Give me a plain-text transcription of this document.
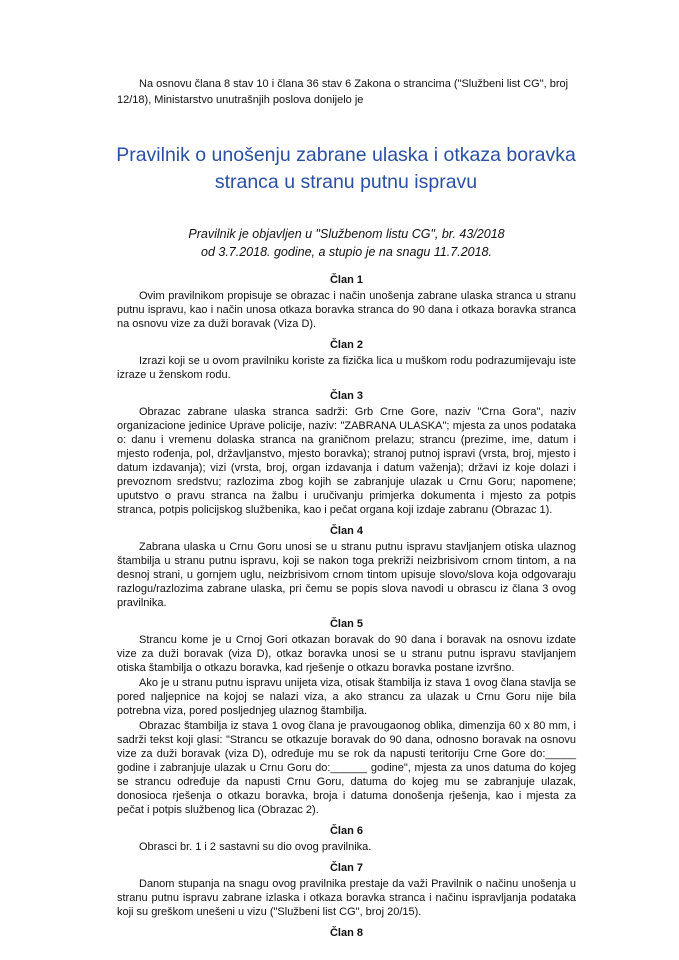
Na osnovu člana 8 stav 10 i člana 36 stav 6 Zakona o strancima ("Službeni list CG", broj 12/18), Ministarstvo unutrašnjih poslova donijelo je

Pravilnik o unošenju zabrane ulaska i otkaza boravka stranca u stranu putnu ispravu
Pravilnik je objavljen u "Službenom listu CG", br. 43/2018 od 3.7.2018. godine, a stupio je na snagu 11.7.2018.
Član 1

Ovim pravilnikom propisuje se obrazac i način unošenja zabrane ulaska stranca u stranu putnu ispravu, kao i način unosa otkaza boravka stranca do 90 dana i otkaza boravka stranca na osnovu vize za duži boravak (Viza D).

Član 2

Izrazi koji se u ovom pravilniku koriste za fizička lica u muškom rodu podrazumijevaju iste izraze u ženskom rodu.

Član 3

Obrazac zabrane ulaska stranca sadrži: Grb Crne Gore, naziv "Crna Gora", naziv organizacione jedinice Uprave policije, naziv: "ZABRANA ULASKA"; mjesta za unos podataka o: danu i vremenu dolaska stranca na graničnom prelazu; strancu (prezime, ime, datum i mjesto rođenja, pol, državljanstvo, mjesto boravka); stranoj putnoj ispravi (vrsta, broj, mjesto i datum izdavanja); vizi (vrsta, broj, organ izdavanja i datum važenja); državi iz koje dolazi i prevoznom sredstvu; razlozima zbog kojih se zabranjuje ulazak u Crnu Goru; napomene; uputstvo o pravu stranca na žalbu i uručivanju primjerka dokumenta i mjesto za potpis stranca, potpis policijskog službenika, kao i pečat organa koji izdaje zabranu (Obrazac 1).

Član 4

Zabrana ulaska u Crnu Goru unosi se u stranu putnu ispravu stavljanjem otiska ulaznog štambilja u stranu putnu ispravu, koji se nakon toga prekriži neizbrisivom crnom tintom, a na desnoj strani, u gornjem uglu, neizbrisivom crnom tintom upisuje slovo/slova koja odgovaraju razlogu/razlozima zabrane ulaska, pri čemu se popis slova navodi u obrascu iz člana 3 ovog pravilnika.

Član 5

Strancu kome je u Crnoj Gori otkazan boravak do 90 dana i boravak na osnovu izdate vize za duži boravak (viza D), otkaz boravka unosi se u stranu putnu ispravu stavljanjem otiska štambilja o otkazu boravka, kad rješenje o otkazu boravka postane izvršno.

Ako je u stranu putnu ispravu unijeta viza, otisak štambilja iz stava 1 ovog člana stavlja se pored naljepnice na kojoj se nalazi viza, a ako strancu za ulazak u Crnu Goru nije bila potrebna viza, pored posljednjeg ulaznog štambilja.

Obrazac štambilja iz stava 1 ovog člana je pravougaonog oblika, dimenzija 60 x 80 mm, i sadrži tekst koji glasi: "Strancu se otkazuje boravak do 90 dana, odnosno boravak na osnovu vize za duži boravak (viza D), određuje mu se rok da napusti teritoriju Crne Gore do:_____ godine i zabranjuje ulazak u Crnu Goru do:______ godine", mjesta za unos datuma do kojeg se strancu određuje da napusti Crnu Goru, datuma do kojeg mu se zabranjuje ulazak, donosioca rješenja o otkazu boravka, broja i datuma donošenja rješenja, kao i mjesta za pečat i potpis službenog lica (Obrazac 2).

Član 6

Obrasci br. 1 i 2 sastavni su dio ovog pravilnika.

Član 7

Danom stupanja na snagu ovog pravilnika prestaje da važi Pravilnik o načinu unošenja u stranu putnu ispravu zabrane izlaska i otkaza boravka stranca i načinu ispravljanja podataka koji su greškom unešeni u vizu ("Službeni list CG", broj 20/15).

Član 8
